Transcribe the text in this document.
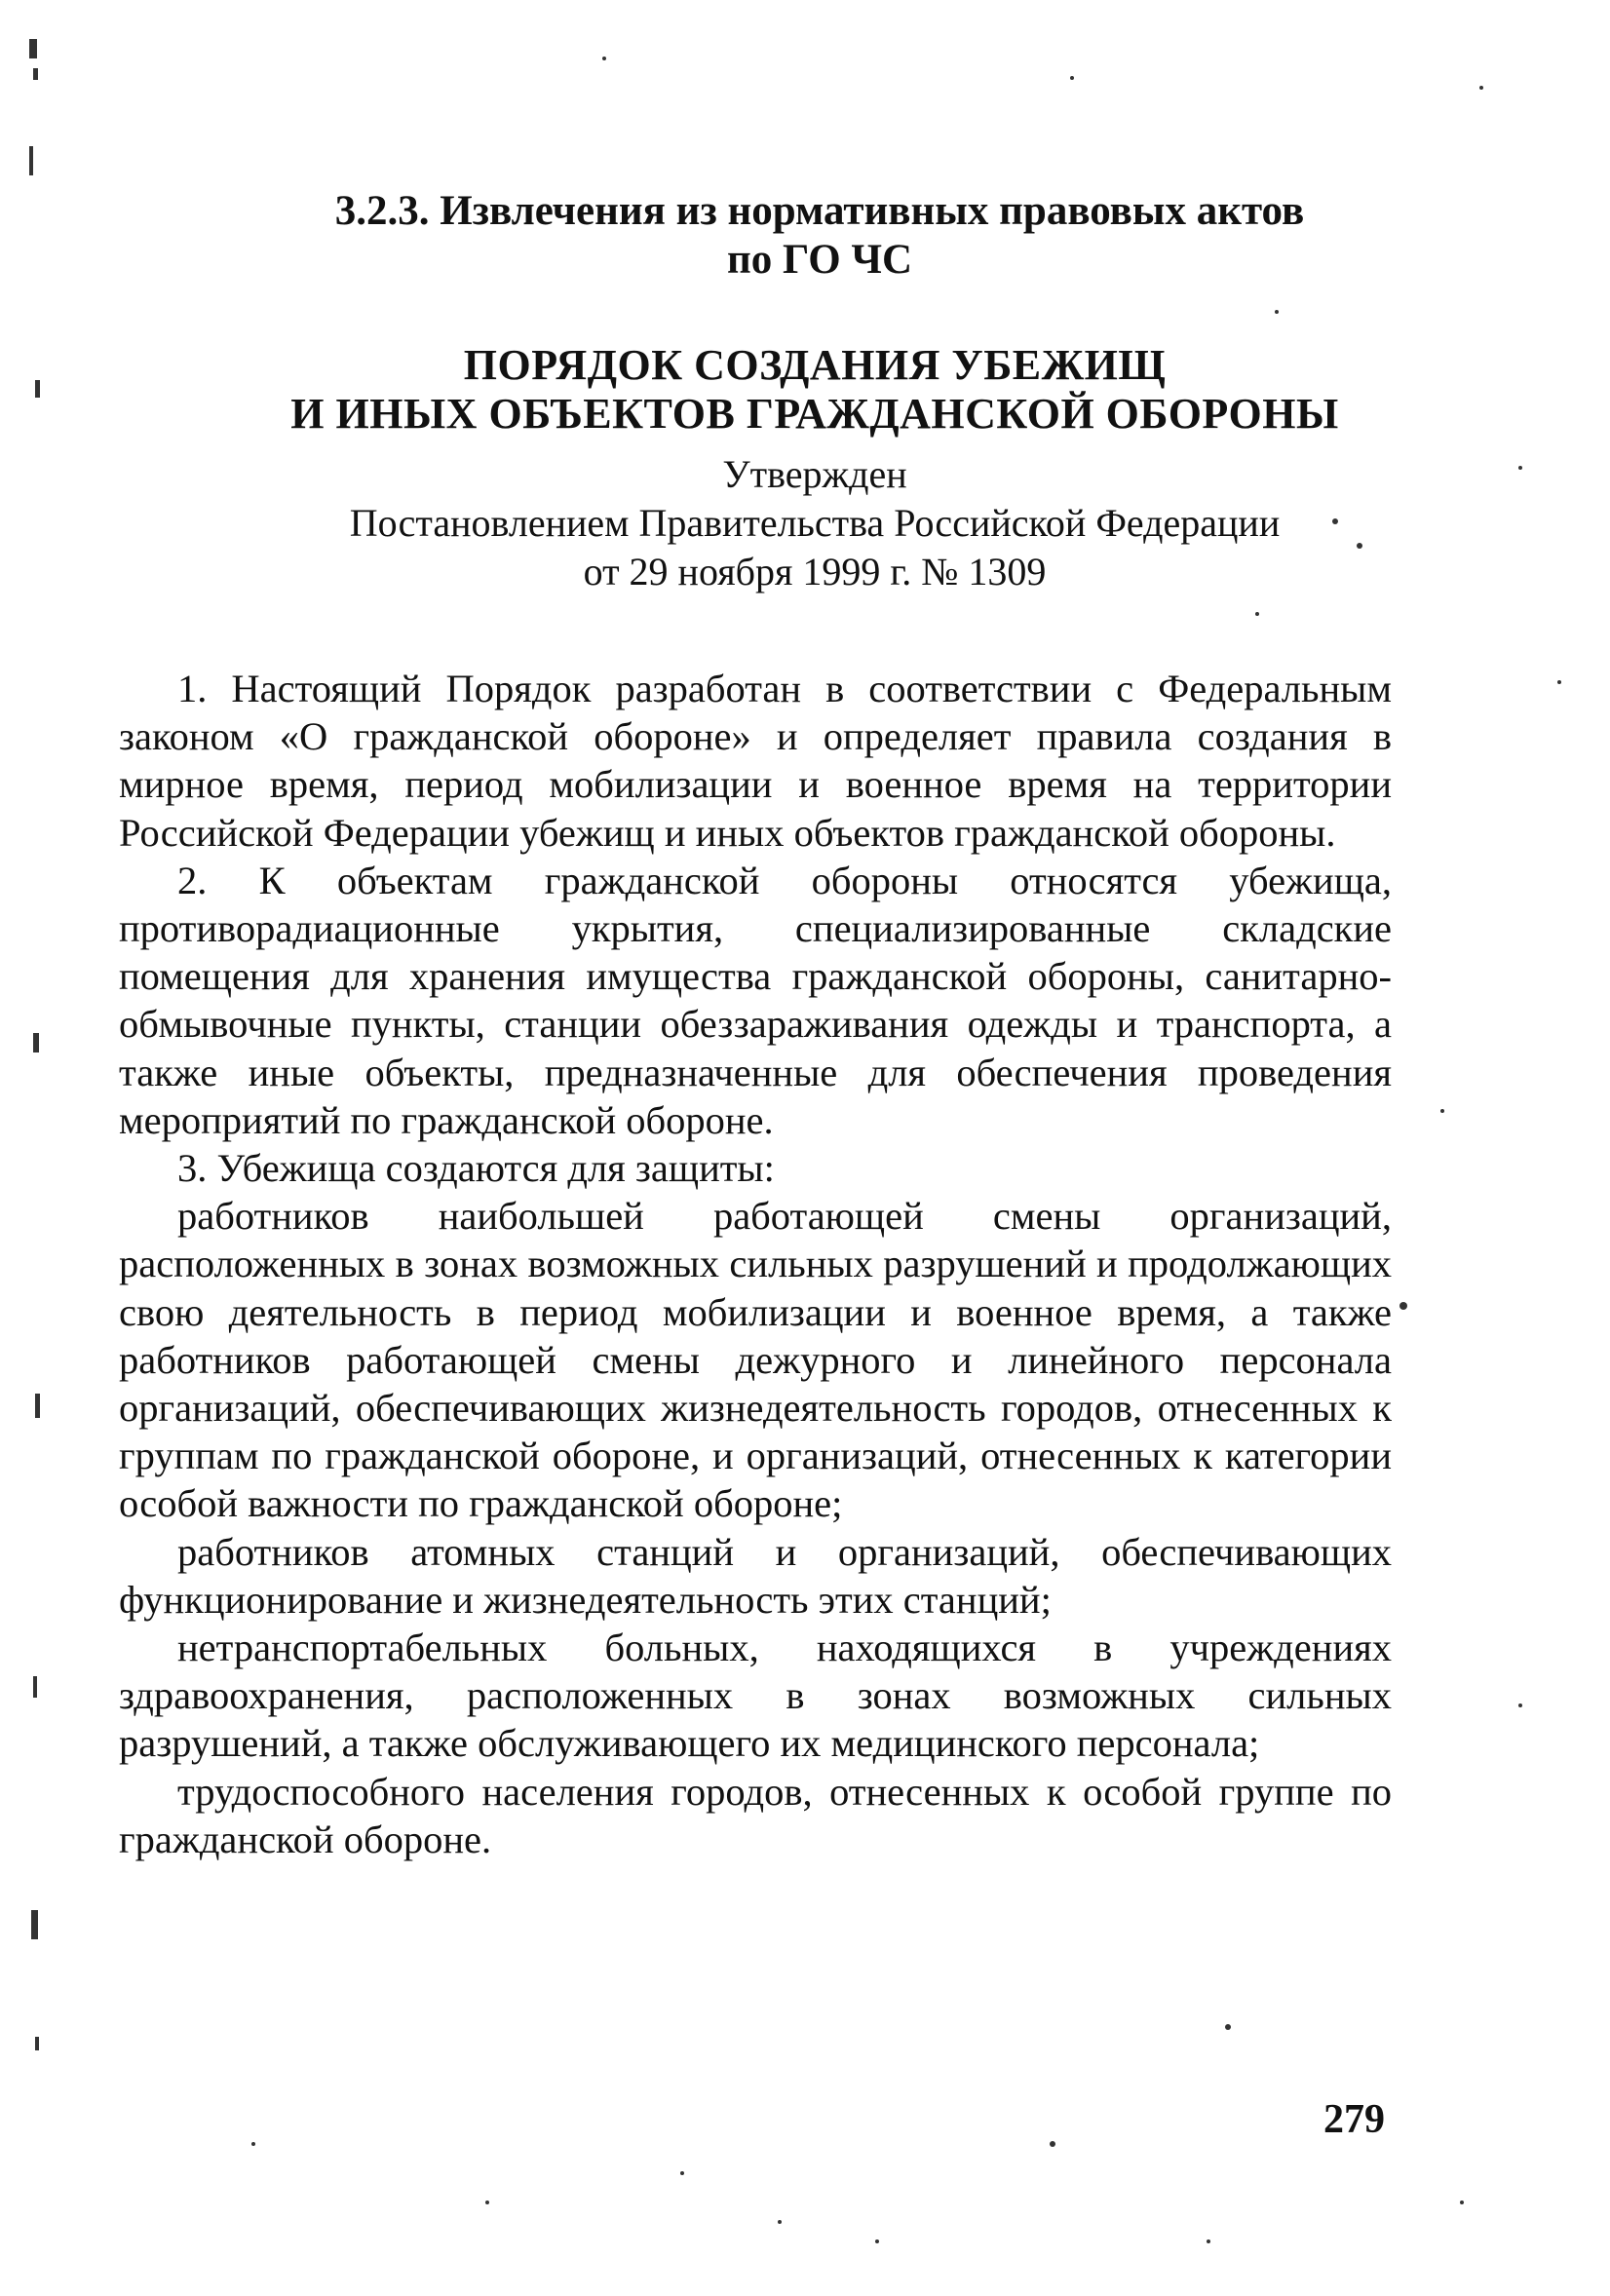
3.2.3. Извлечения из нормативных правовых актов
по ГО ЧС
ПОРЯДОК СОЗДАНИЯ УБЕЖИЩ
И ИНЫХ ОБЪЕКТОВ ГРАЖДАНСКОЙ ОБОРОНЫ
Утвержден
Постановлением Правительства Российской Федерации
от 29 ноября 1999 г. № 1309

1. Настоящий Порядок разработан в соответствии с Федеральным законом «О гражданской обороне» и определяет правила создания в мирное время, период мобилизации и военное время на территории Российской Федерации убежищ и иных объектов гражданской обороны.

2. К объектам гражданской обороны относятся убежища, противорадиационные укрытия, специализированные складские помещения для хранения имущества гражданской обороны, санитарно-обмывочные пункты, станции обеззараживания одежды и транспорта, а также иные объекты, предназначенные для обеспечения проведения мероприятий по гражданской обороне.

3. Убежища создаются для защиты:

работников наибольшей работающей смены организаций, расположенных в зонах возможных сильных разрушений и продолжающих свою деятельность в период мобилизации и военное время, а также работников работающей смены дежурного и линейного персонала организаций, обеспечивающих жизнедеятельность городов, отнесенных к группам по гражданской обороне, и организаций, отнесенных к категории особой важности по гражданской обороне;

работников атомных станций и организаций, обеспечивающих функционирование и жизнедеятельность этих станций;

нетранспортабельных больных, находящихся в учреждениях здравоохранения, расположенных в зонах возможных сильных разрушений, а также обслуживающего их медицинского персонала;

трудоспособного населения городов, отнесенных к особой группе по гражданской обороне.

279
